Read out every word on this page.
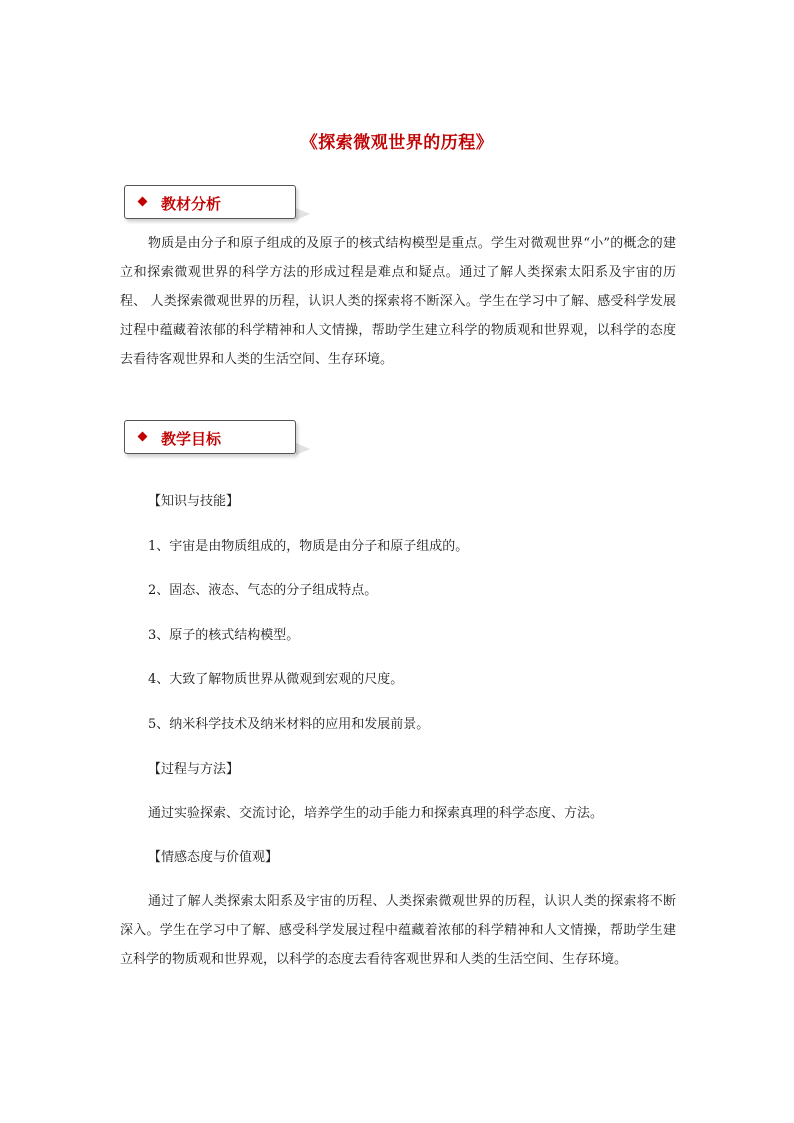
《探索微观世界的历程》
教材分析

物质是由分子和原子组成的及原子的核式结构模型是重点。学生对微观世界“小”的概念的建立和探索微观世界的科学方法的形成过程是难点和疑点。通过了解人类探索太阳系及宇宙的历程、 人类探索微观世界的历程，认识人类的探索将不断深入。学生在学习中了解、感受科学发展过程中蕴藏着浓郁的科学精神和人文情操，帮助学生建立科学的物质观和世界观，以科学的态度去看待客观世界和人类的生活空间、生存环境。

教学目标

【知识与技能】

1、宇宙是由物质组成的，物质是由分子和原子组成的。

2、固态、液态、气态的分子组成特点。

3、原子的核式结构模型。

4、大致了解物质世界从微观到宏观的尺度。

5、纳米科学技术及纳米材料的应用和发展前景。

【过程与方法】

通过实验探索、交流讨论，培养学生的动手能力和探索真理的科学态度、方法。

【情感态度与价值观】

通过了解人类探索太阳系及宇宙的历程、人类探索微观世界的历程，认识人类的探索将不断深入。学生在学习中了解、感受科学发展过程中蕴藏着浓郁的科学精神和人文情操，帮助学生建立科学的物质观和世界观，以科学的态度去看待客观世界和人类的生活空间、生存环境。
